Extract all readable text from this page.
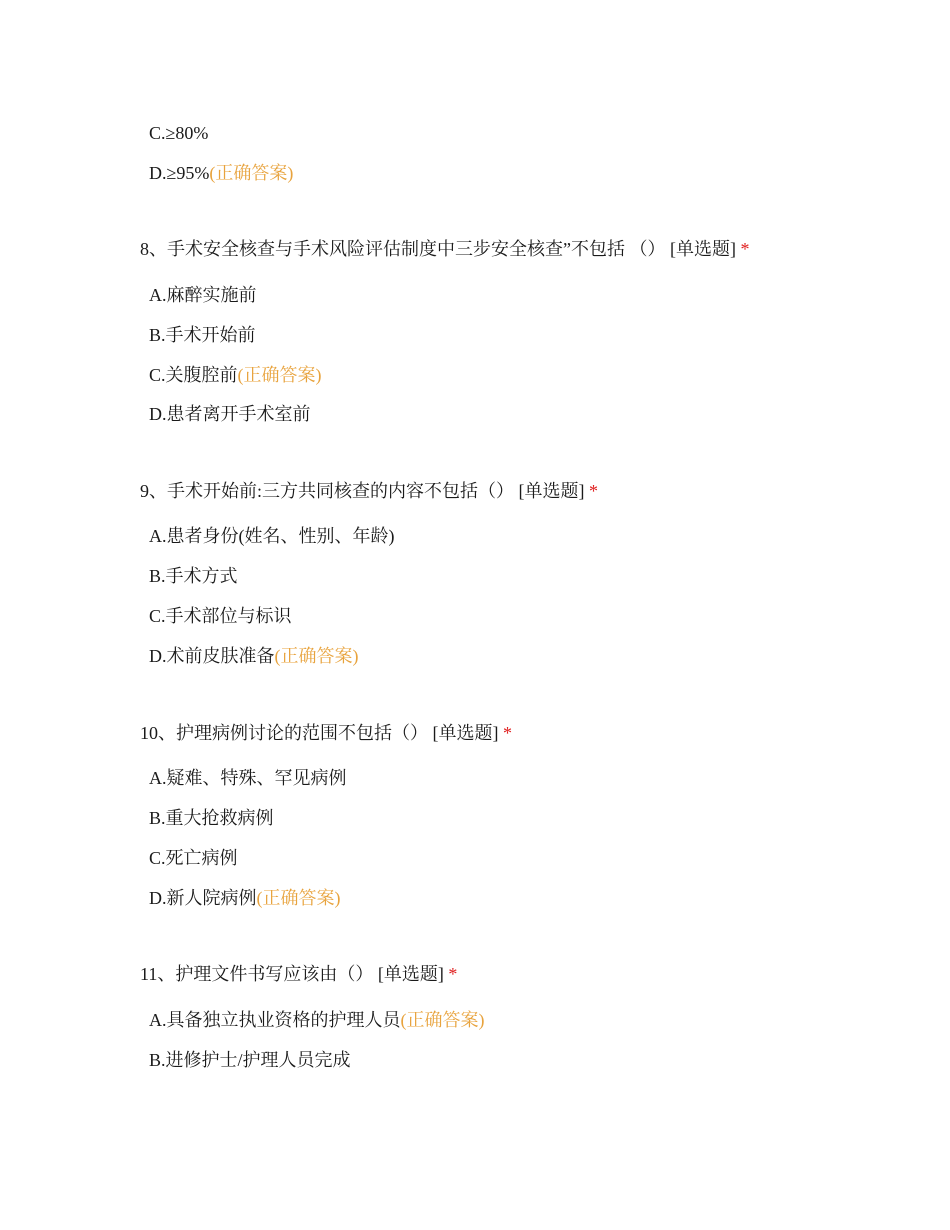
C.≥80%
D.≥95%(正确答案)
8、手术安全核查与手术风险评估制度中三步安全核查”不包括 （） [单选题] *
A.麻醉实施前
B.手术开始前
C.关腹腔前(正确答案)
D.患者离开手术室前
9、手术开始前:三方共同核查的内容不包括（） [单选题] *
A.患者身份(姓名、性别、年龄)
B.手术方式
C.手术部位与标识
D.术前皮肤准备(正确答案)
10、护理病例讨论的范围不包括（） [单选题] *
A.疑难、特殊、罕见病例
B.重大抢救病例
C.死亡病例
D.新人院病例(正确答案)
11、护理文件书写应该由（） [单选题] *
A.具备独立执业资格的护理人员(正确答案)
B.进修护士/护理人员完成
